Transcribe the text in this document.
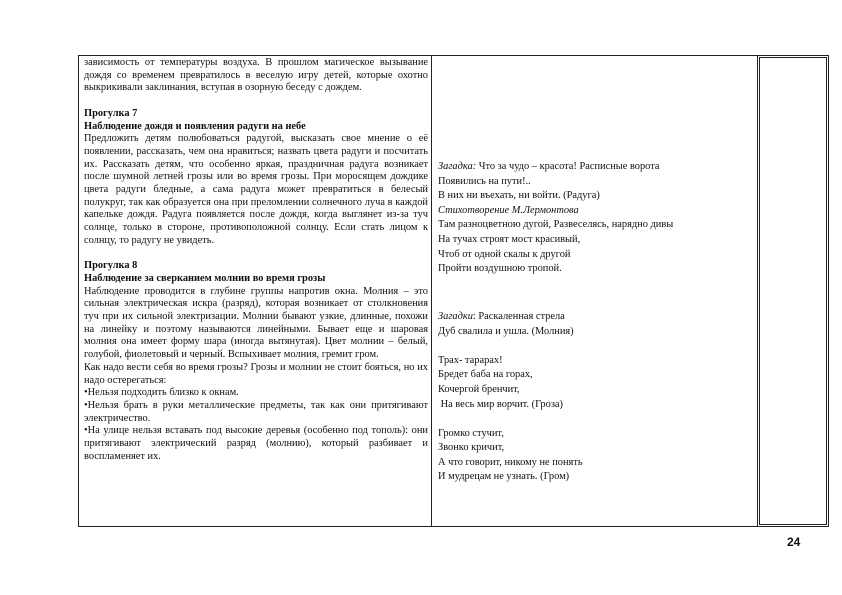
зависимость от температуры воздуха. В прошлом магическое вызывание дождя со временем превратилось в веселую игру детей, которые охотно выкрикивали заклинания, вступая в озорную беседу с дождем.

Прогулка 7

Наблюдение дождя и появления радуги на небе

Предложить детям полюбоваться радугой, высказать свое мнение о её появлении, рассказать, чем она нравиться; назвать цвета радуги и посчитать их. Рассказать детям, что особенно яркая, праздничная радуга возникает после шумной летней грозы или во время грозы. При моросящем дождике цвета радуги бледные, а сама радуга может превратиться в белесый полукруг, так как образуется она при преломлении солнечного луча в каждой капельке дождя. Радуга появляется после дождя, когда выглянет из-за туч солнце, только в стороне, противоположной солнцу. Если стать лицом к солнцу, то радугу не увидеть.

Прогулка 8

Наблюдение за сверканием молнии во время грозы

Наблюдение проводится в глубине группы напротив окна. Молния – это сильная электрическая искра (разряд), которая возникает от столкновения туч при их сильной электризации. Молнии бывают узкие, длинные, похожи на линейку и поэтому называются линейными. Бывает еще и шаровая молния она имеет форму шара (иногда вытянутая). Цвет молнии – белый, голубой, фиолетовый и черный. Вспыхивает молния, гремит гром.

Как надо вести себя во время грозы? Грозы и молнии не стоит бояться, но их надо остерегаться:

•Нельзя подходить близко к окнам.

•Нельзя брать в руки металлические предметы, так как они притягивают электричество.

•На улице нельзя вставать под высокие деревья (особенно под тополь): они притягивают электрический разряд (молнию), который разбивает и воспламеняет их.

Загадка: Что за чудо – красота! Расписные ворота

Появились на пути!..

В них ни въехать, ни войти. (Радуга)

Стихотворение М.Лермонтова

Там разноцветною дугой, Развеселясь, нарядно дивы

На тучах строят мост красивый,

Чтоб от одной скалы к другой

Пройти воздушною тропой.

Загадки: Раскаленная стрела

Дуб свалила и ушла. (Молния)

Трах- тарарах!

Бредет баба на горах,

Кочергой бренчит,

На весь мир ворчит. (Гроза)

Громко стучит,

Звонко кричит,

А что говорит, никому не понять

И мудрецам не узнать. (Гром)

24
